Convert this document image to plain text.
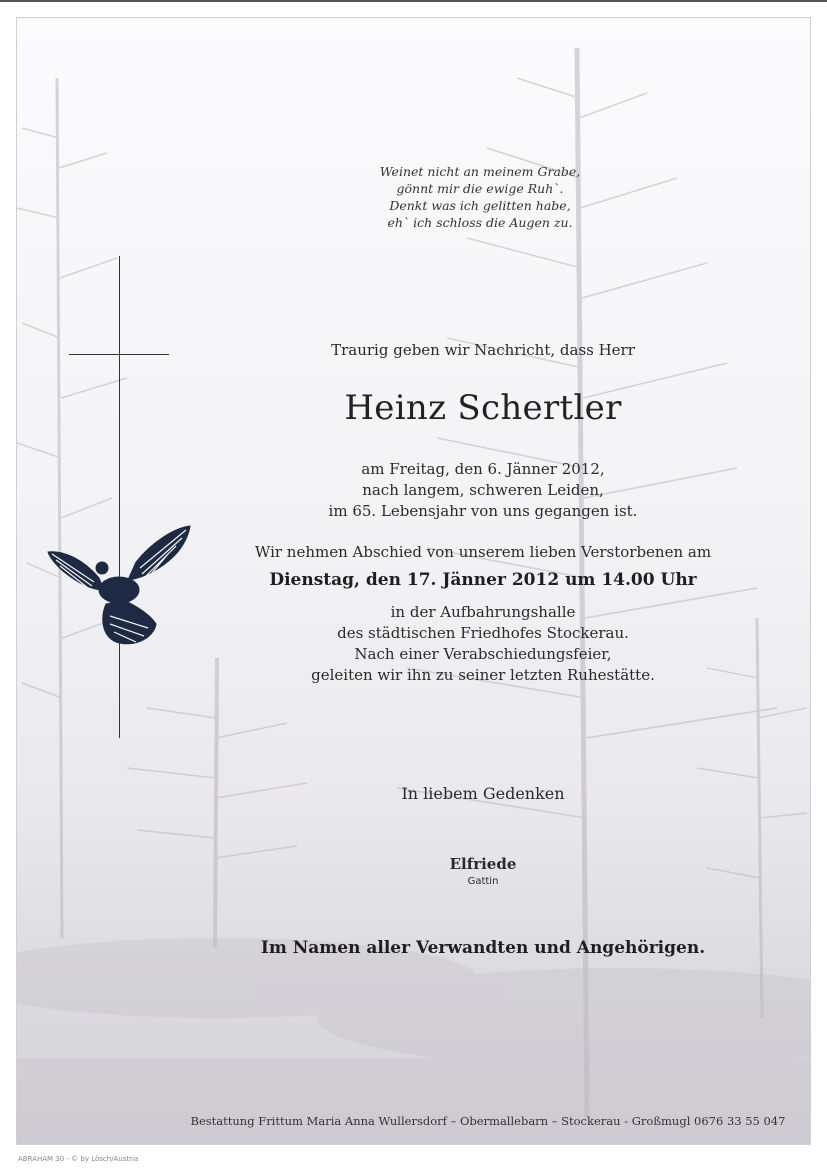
Weinet nicht an meinem Grabe,
gönnt mir die ewige Ruh`.
Denkt was ich gelitten habe,
eh` ich schloss die Augen zu.
Traurig geben wir Nachricht, dass Herr
Heinz Schertler
am Freitag, den 6. Jänner 2012,
nach langem, schweren Leiden,
im 65. Lebensjahr von uns gegangen ist.
Wir nehmen Abschied von unserem lieben Verstorbenen am
Dienstag, den 17. Jänner 2012 um 14.00 Uhr
in der Aufbahrungshalle
des städtischen Friedhofes Stockerau.
Nach einer Verabschiedungsfeier,
geleiten wir ihn zu seiner letzten Ruhestätte.
In liebem Gedenken
Elfriede
Gattin
Im Namen aller Verwandten und Angehörigen.
Bestattung Frittum Maria Anna Wullersdorf – Obermallebarn – Stockerau - Großmugl 0676 33 55 047
ABRAHAM 30 - © by Lösch/Austria
